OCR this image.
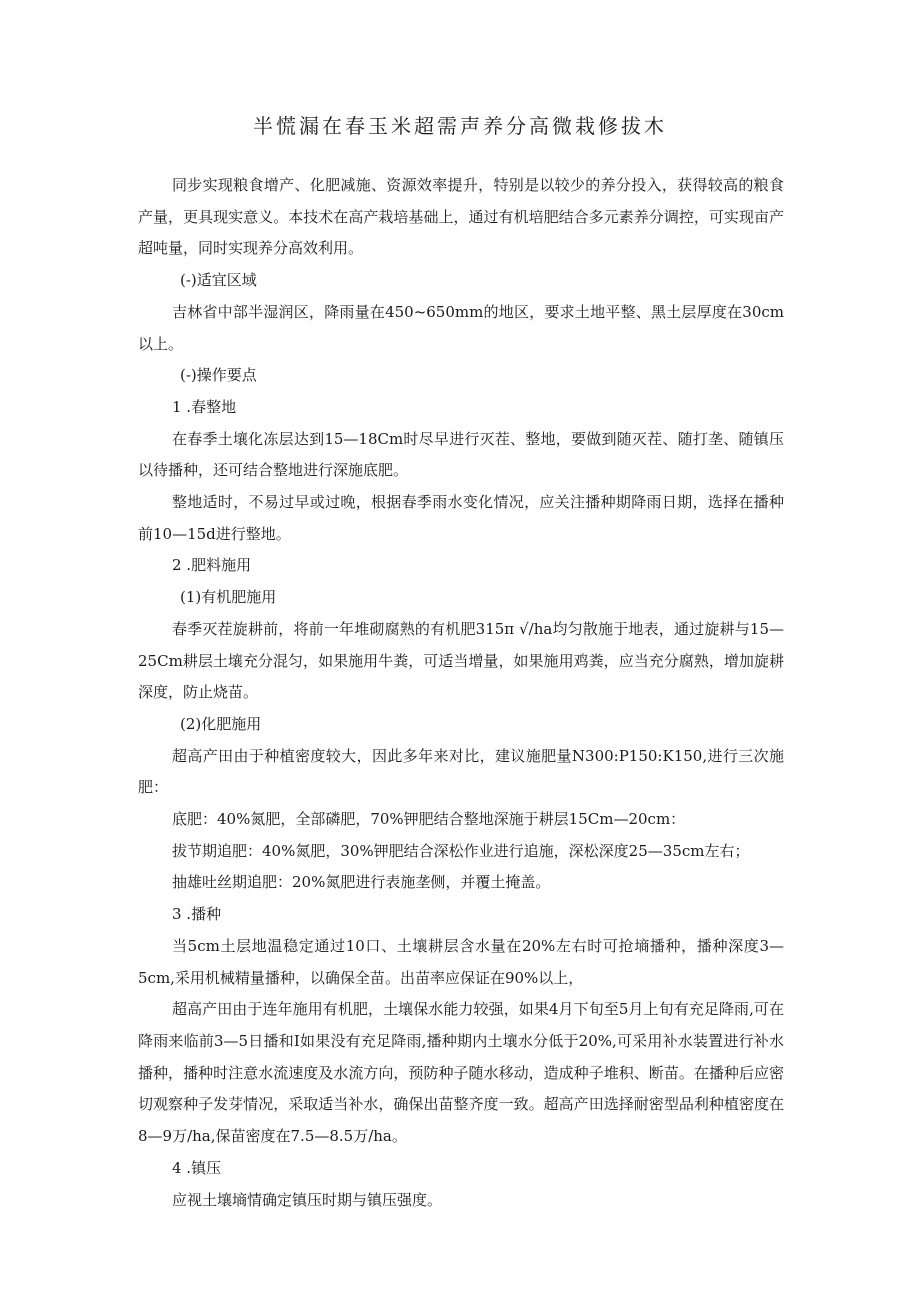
半慌漏在春玉米超需声养分高微栽修拔木

同步实现粮食增产、化肥减施、资源效率提升，特别是以较少的养分投入，获得较高的粮食产量，更具现实意义。本技术在高产栽培基础上，通过有机培肥结合多元素养分调控，可实现亩产超吨量，同时实现养分高效利用。

(-)适宜区域

吉林省中部半湿润区，降雨量在450~650mm的地区，要求土地平整、黑土层厚度在30cm以上。

(-)操作要点

1 .春整地

在春季土壤化冻层达到15—18Cm时尽早进行灭茬、整地，要做到随灭茬、随打垄、随镇压以待播种，还可结合整地进行深施底肥。

整地适时，不易过早或过晚，根据春季雨水变化情况，应关注播种期降雨日期，选择在播种前10—15d进行整地。

2 .肥料施用

(1)有机肥施用

春季灭茬旋耕前，将前一年堆砌腐熟的有机肥315π √/ha均匀散施于地表，通过旋耕与15—25Cm耕层土壤充分混匀，如果施用牛粪，可适当增量，如果施用鸡粪，应当充分腐熟，增加旋耕深度，防止烧苗。

(2)化肥施用

超高产田由于种植密度较大，因此多年来对比，建议施肥量N300:P150:K150,进行三次施肥：

底肥：40%氮肥，全部磷肥，70%钾肥结合整地深施于耕层15Cm—20cm：

拔节期追肥：40%氮肥，30%钾肥结合深松作业进行追施，深松深度25—35cm左右；

抽雄吐丝期追肥：20%氮肥进行表施垄侧，并覆土掩盖。

3 .播种

当5cm土层地温稳定通过10口、土壤耕层含水量在20%左右时可抢墒播种，播种深度3—5cm,采用机械精量播种，以确保全苗。出苗率应保证在90%以上，

超高产田由于连年施用有机肥，土壤保水能力较强，如果4月下旬至5月上旬有充足降雨,可在降雨来临前3—5日播和I如果没有充足降雨,播种期内土壤水分低于20%,可采用补水装置进行补水播种，播种时注意水流速度及水流方向，预防种子随水移动，造成种子堆积、断苗。在播种后应密切观察种子发芽情况，采取适当补水，确保出苗整齐度一致。超高产田选择耐密型品利种植密度在8—9万/ha,保苗密度在7.5—8.5万/ha。

4 .镇压

应视土壤墒情确定镇压时期与镇压强度。
